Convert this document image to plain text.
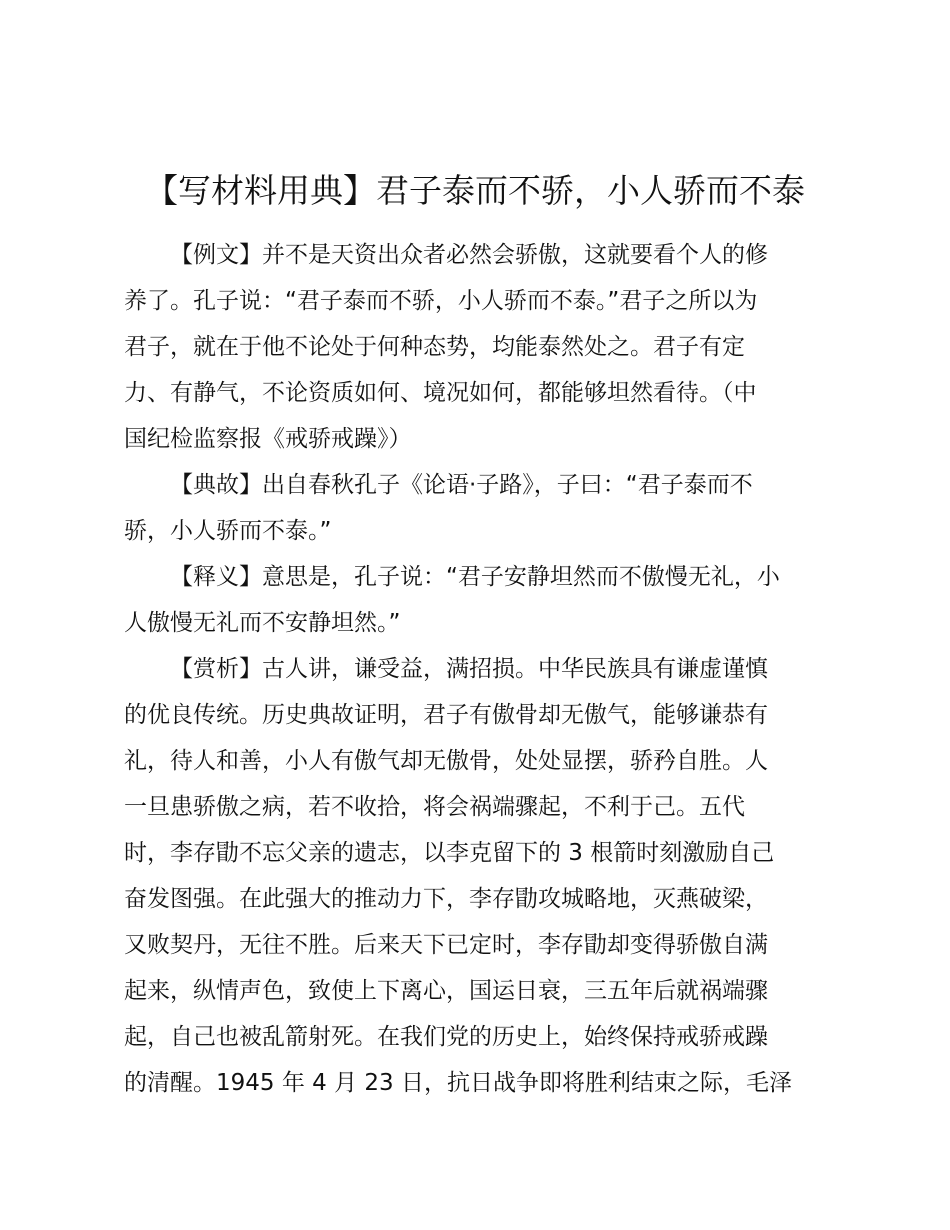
【写材料用典】君子泰而不骄，小人骄而不泰
【例文】并不是天资出众者必然会骄傲，这就要看个人的修
养了。孔子说：“君子泰而不骄，小人骄而不泰。”君子之所以为
君子，就在于他不论处于何种态势，均能泰然处之。君子有定
力、有静气，不论资质如何、境况如何，都能够坦然看待。（中
国纪检监察报《戒骄戒躁》）
【典故】出自春秋孔子《论语·子路》，子曰：“君子泰而不
骄，小人骄而不泰。”
【释义】意思是，孔子说：“君子安静坦然而不傲慢无礼，小
人傲慢无礼而不安静坦然。”
【赏析】古人讲，谦受益，满招损。中华民族具有谦虚谨慎
的优良传统。历史典故证明，君子有傲骨却无傲气，能够谦恭有
礼，待人和善，小人有傲气却无傲骨，处处显摆，骄矜自胜。人
一旦患骄傲之病，若不收拾，将会祸端骤起，不利于己。五代
时，李存勖不忘父亲的遗志，以李克留下的 3 根箭时刻激励自己
奋发图强。在此强大的推动力下，李存勖攻城略地，灭燕破梁，
又败契丹，无往不胜。后来天下已定时，李存勖却变得骄傲自满
起来，纵情声色，致使上下离心，国运日衰，三五年后就祸端骤
起，自己也被乱箭射死。在我们党的历史上，始终保持戒骄戒躁
的清醒。1945 年 4 月 23 日，抗日战争即将胜利结束之际，毛泽
